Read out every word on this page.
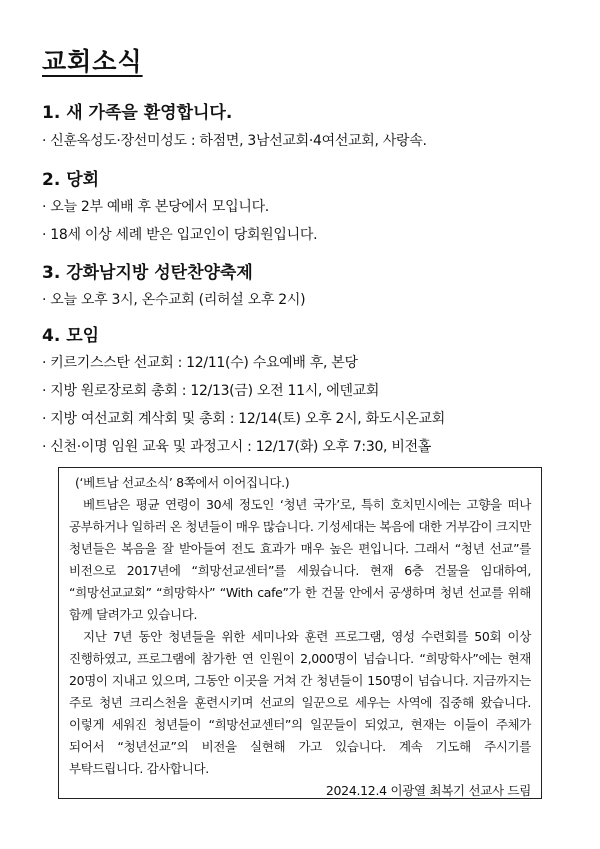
교회소식
1. 새 가족을 환영합니다.
· 신훈옥성도·장선미성도 : 하점면, 3남선교회·4여선교회, 사랑속.
2. 당회
· 오늘 2부 예배 후 본당에서 모입니다.
· 18세 이상 세례 받은 입교인이 당회원입니다.
3. 강화남지방 성탄찬양축제
· 오늘 오후 3시, 온수교회 (리허설 오후 2시)
4. 모임
· 키르기스스탄 선교회 : 12/11(수) 수요예배 후, 본당
· 지방 원로장로회 총회 : 12/13(금) 오전 11시, 에덴교회
· 지방 여선교회 계삭회 및 총회 : 12/14(토) 오후 2시, 화도시온교회
· 신천·이명 임원 교육 및 과정고시 : 12/17(화) 오후 7:30, 비전홀

(‘베트남 선교소식’ 8쪽에서 이어집니다.)

베트남은 평균 연령이 30세 정도인 ‘청년 국가’로, 특히 호치민시에는 고향을 떠나 공부하거나 일하러 온 청년들이 매우 많습니다. 기성세대는 복음에 대한 거부감이 크지만 청년들은 복음을 잘 받아들여 전도 효과가 매우 높은 편입니다. 그래서 “청년 선교”를 비전으로 2017년에 “희망선교센터”를 세웠습니다. 현재 6층 건물을 임대하여, “희망선교교회” “희망학사” “With cafe”가 한 건물 안에서 공생하며 청년 선교를 위해 함께 달려가고 있습니다.

지난 7년 동안 청년들을 위한 세미나와 훈련 프로그램, 영성 수련회를 50회 이상 진행하였고, 프로그램에 참가한 연 인원이 2,000명이 넘습니다. “희망학사”에는 현재 20명이 지내고 있으며, 그동안 이곳을 거쳐 간 청년들이 150명이 넘습니다. 지금까지는 주로 청년 크리스천을 훈련시키며 선교의 일꾼으로 세우는 사역에 집중해 왔습니다. 이렇게 세워진 청년들이 “희망선교센터”의 일꾼들이 되었고, 현재는 이들이 주체가 되어서 “청년선교”의 비전을 실현해 가고 있습니다. 계속 기도해 주시기를 부탁드립니다. 감사합니다.

2024.12.4 이광열 최복기 선교사 드림
